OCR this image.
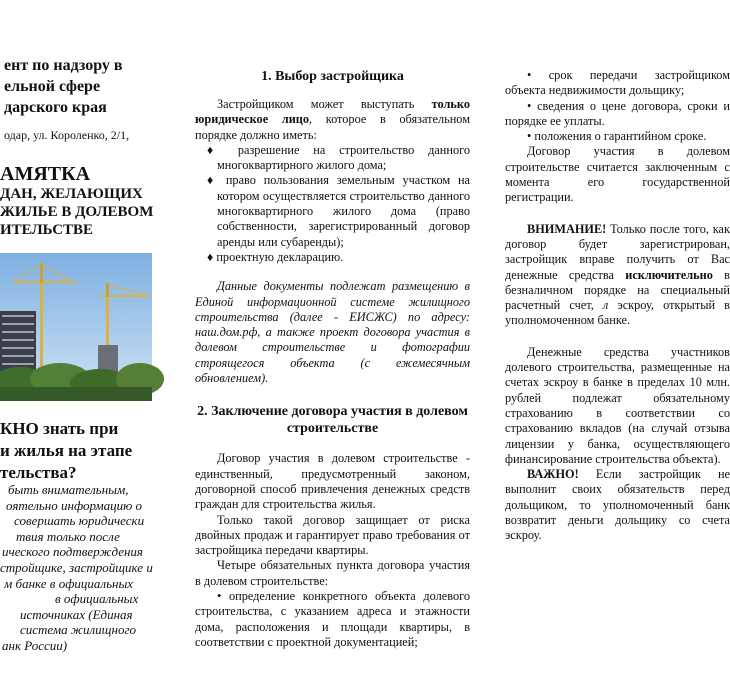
ент по надзору в
ельной сфере
дарского края
одар, ул. Короленко, 2/1,
АМЯТКА
ДАН, ЖЕЛАЮЩИХ
ЖИЛЬЕ В ДОЛЕВОМ
ИТЕЛЬСТВЕ
КНО знать при
и жилья на этапе
тельства?
быть внимательным,
оятельно информацию о
совершать юридически
твия только после
ического подтверждения
стройщике, застройщике и
м банке в официальных
в официальных
источниках (Единая
система жилищного
анк России)
1. Выбор застройщика

Застройщиком может выступать только юридическое лицо, которое в обязательном порядке должно иметь:

♦ разрешение на строительство данного многоквартирного жилого дома;

♦ право пользования земельным участком на котором осуществляется строительство данного многоквартирного жилого дома (право собственности, зарегистрированный договор аренды или субаренды);

♦ проектную декларацию.

Данные документы подлежат размещению в Единой информационной системе жилищного строительства (далее - ЕИСЖС) по адресу: наш.дом.рф, а также проект договора участия в долевом строительстве и фотографии строящегося объекта (с ежемесячным обновлением).

2. Заключение договора участия в долевом строительстве

Договор участия в долевом строительстве - единственный, предусмотренный законом, договорной способ привлечения денежных средств граждан для строительства жилья.

Только такой договор защищает от риска двойных продаж и гарантирует право требования от застройщика передачи квартиры.

Четыре обязательных пункта договора участия в долевом строительстве:

• определение конкретного объекта долевого строительства, с указанием адреса и этажности дома, расположения и площади квартиры, в соответствии с проектной документацией;

• срок передачи застройщиком объекта недвижимости дольщику;

• сведения о цене договора, сроки и порядке ее уплаты.

• положения о гарантийном сроке.

Договор участия в долевом строительстве считается заключенным с момента его государственной регистрации.

ВНИМАНИЕ! Только после того, как договор будет зарегистрирован, застройщик вправе получить от Вас денежные средства исключительно в безналичном порядке на специальный расчетный счет, л эскроу, открытый в уполномоченном банке.

Денежные средства участников долевого строительства, размещенные на счетах эскроу в банке в пределах 10 млн. рублей подлежат обязательному страхованию в соответствии со страхованию вкладов (на случай отзыва лицензии у банка, осуществляющего финансирование строительства объекта).

ВАЖНО! Если застройщик не выполнит своих обязательств перед дольщиком, то уполномоченный банк возвратит деньги дольщику со счета эскроу.
